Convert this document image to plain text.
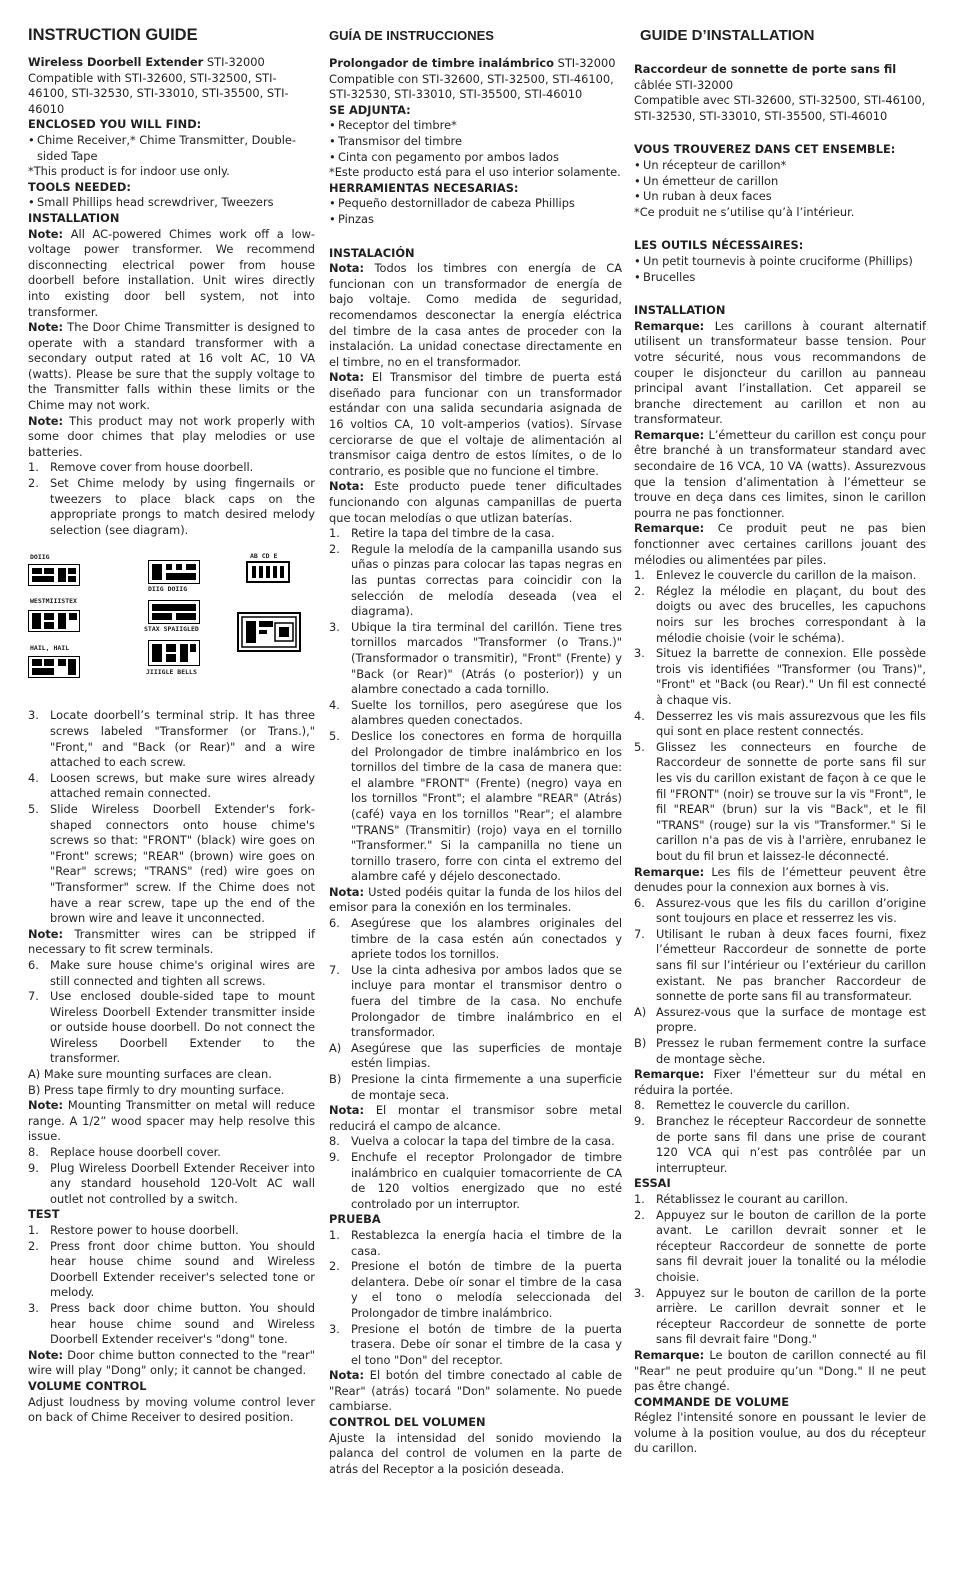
INSTRUCTION GUIDE

Wireless Doorbell Extender STI-32000

Compatible with STI-32600, STI-32500, STI-46100, STI-32530, STI-33010, STI-35500, STI-46010

ENCLOSED YOU WILL FIND:

• Chime Receiver,* Chime Transmitter, Double-sided Tape

*This product is for indoor use only.

TOOLS NEEDED:

• Small Phillips head screwdriver, Tweezers

INSTALLATION

Note: All AC-powered Chimes work off a low-voltage power transformer. We recommend disconnecting electrical power from house doorbell before installation. Unit wires directly into existing door bell system, not into transformer.

Note: The Door Chime Transmitter is designed to operate with a standard transformer with a secondary output rated at 16 volt AC, 10 VA (watts). Please be sure that the supply voltage to the Transmitter falls within these limits or the Chime may not work.

Note: This product may not work properly with some door chimes that play melodies or use batteries.

1. Remove cover from house doorbell.
2. Set Chime melody by using fingernails or tweezers to place black caps on the appropriate prongs to match desired melody selection (see diagram).
DOIIG
WESTMIIISTEX
HAIL, HAIL
DIIG DOIIG
STAX SPAIIGLED
JIIIGLE BELLS
AB CD E
3. Locate doorbell’s terminal strip. It has three screws labeled "Transformer (or Trans.)," "Front," and "Back (or Rear)" and a wire attached to each screw.
4. Loosen screws, but make sure wires already attached remain connected.
5. Slide Wireless Doorbell Extender's fork-shaped connectors onto house chime's screws so that: "FRONT" (black) wire goes on "Front" screws; "REAR" (brown) wire goes on "Rear" screws; "TRANS" (red) wire goes on "Transformer" screw. If the Chime does not have a rear screw, tape up the end of the brown wire and leave it unconnected.

Note: Transmitter wires can be stripped if necessary to fit screw terminals.

6. Make sure house chime's original wires are still connected and tighten all screws.
7. Use enclosed double-sided tape to mount Wireless Doorbell Extender transmitter inside or outside house doorbell. Do not connect the Wireless Doorbell Extender to the transformer.

A) Make sure mounting surfaces are clean.

B) Press tape firmly to dry mounting surface.

Note: Mounting Transmitter on metal will reduce range. A 1/2” wood spacer may help resolve this issue.

8. Replace house doorbell cover.
9. Plug Wireless Doorbell Extender Receiver into any standard household 120-Volt AC wall outlet not controlled by a switch.

TEST

1. Restore power to house doorbell.
2. Press front door chime button. You should hear house chime sound and Wireless Doorbell Extender receiver's selected tone or melody.
3. Press back door chime button. You should hear house chime sound and Wireless Doorbell Extender receiver's "dong" tone.

Note: Door chime button connected to the "rear" wire will play "Dong" only; it cannot be changed.

VOLUME CONTROL

Adjust loudness by moving volume control lever on back of Chime Receiver to desired position.

GUÍA DE INSTRUCCIONES

Prolongador de timbre inalámbrico STI-32000

Compatible con STI-32600, STI-32500, STI-46100, STI-32530, STI-33010, STI-35500, STI-46010

SE ADJUNTA:

• Receptor del timbre*
• Transmisor del timbre
• Cinta con pegamento por ambos lados

*Este producto está para el uso interior solamente.

HERRAMIENTAS NECESARIAS:

• Pequeño destornillador de cabeza Phillips
• Pinzas

INSTALACIÓN

Nota: Todos los timbres con energía de CA funcionan con un transformador de energía de bajo voltaje. Como medida de seguridad, recomendamos desconectar la energía eléctrica del timbre de la casa antes de proceder con la instalación. La unidad conectase directamente en el timbre, no en el transformador.

Nota: El Transmisor del timbre de puerta está diseñado para funcionar con un transformador estándar con una salida secundaria asignada de 16 voltios CA, 10 volt-amperios (vatios). Sírvase cerciorarse de que el voltaje de alimentación al transmisor caiga dentro de estos límites, o de lo contrario, es posible que no funcione el timbre.

Nota: Este producto puede tener dificultades funcionando con algunas campanillas de puerta que tocan melodías o que utlizan baterías.

1. Retire la tapa del timbre de la casa.
2. Regule la melodía de la campanilla usando sus uñas o pinzas para colocar las tapas negras en las puntas correctas para coincidir con la selección de melodía deseada (vea el diagrama).
3. Ubique la tira terminal del carillón. Tiene tres tornillos marcados "Transformer (o Trans.)" (Transformador o transmitir), "Front" (Frente) y "Back (or Rear)" (Atrás (o posterior)) y un alambre conectado a cada tornillo.
4. Suelte los tornillos, pero asegúrese que los alambres queden conectados.
5. Deslice los conectores en forma de horquilla del Prolongador de timbre inalámbrico en los tornillos del timbre de la casa de manera que: el alambre "FRONT" (Frente) (negro) vaya en los tornillos "Front"; el alambre "REAR" (Atrás) (café) vaya en los tornillos "Rear"; el alambre "TRANS" (Transmitir) (rojo) vaya en el tornillo "Transformer." Si la campanilla no tiene un tornillo trasero, forre con cinta el extremo del alambre café y déjelo desconectado.

Nota: Usted podéis quitar la funda de los hilos del emisor para la conexión en los terminales.

6. Asegúrese que los alambres originales del timbre de la casa estén aún conectados y apriete todos los tornillos.
7. Use la cinta adhesiva por ambos lados que se incluye para montar el transmisor dentro o fuera del timbre de la casa. No enchufe Prolongador de timbre inalámbrico en el transformador.
A) Asegúrese que las superficies de montaje estén limpias.
B) Presione la cinta firmemente a una superficie de montaje seca.

Nota: El montar el transmisor sobre metal reducirá el campo de alcance.

8. Vuelva a colocar la tapa del timbre de la casa.
9. Enchufe el receptor Prolongador de timbre inalámbrico en cualquier tomacorriente de CA de 120 voltios energizado que no esté controlado por un interruptor.

PRUEBA

1. Restablezca la energía hacia el timbre de la casa.
2. Presione el botón de timbre de la puerta delantera. Debe oír sonar el timbre de la casa y el tono o melodía seleccionada del Prolongador de timbre inalámbrico.
3. Presione el botón de timbre de la puerta trasera. Debe oír sonar el timbre de la casa y el tono "Don" del receptor.

Nota: El botón del timbre conectado al cable de "Rear" (atrás) tocará "Don" solamente. No puede cambiarse.

CONTROL DEL VOLUMEN

Ajuste la intensidad del sonido moviendo la palanca del control de volumen en la parte de atrás del Receptor a la posición deseada.

GUIDE D’INSTALLATION

Raccordeur de sonnette de porte sans fil câblée STI-32000

Compatible avec STI-32600, STI-32500, STI-46100, STI-32530, STI-33010, STI-35500, STI-46010

VOUS TROUVEREZ DANS CET ENSEMBLE:

• Un récepteur de carillon*
• Un émetteur de carillon
• Un ruban à deux faces

*Ce produit ne s’utilise qu’à l’intérieur.

LES OUTILS NÉCESSAIRES:

• Un petit tournevis à pointe cruciforme (Phillips)
• Brucelles

INSTALLATION

Remarque: Les carillons à courant alternatif utilisent un transformateur basse tension. Pour votre sécurité, nous vous recommandons de couper le disjoncteur du carillon au panneau principal avant l’installation. Cet appareil se branche directement au carillon et non au transformateur.

Remarque: L’émetteur du carillon est conçu pour être branché à un transformateur standard avec secondaire de 16 VCA, 10 VA (watts). Assurezvous que la tension d’alimentation à l’émetteur se trouve en deça dans ces limites, sinon le carillon pourra ne pas fonctionner.

Remarque: Ce produit peut ne pas bien fonctionner avec certaines carillons jouant des mélodies ou alimentées par piles.

1. Enlevez le couvercle du carillon de la maison.
2. Réglez la mélodie en plaçant, du bout des doigts ou avec des brucelles, les capuchons noirs sur les broches correspondant à la mélodie choisie (voir le schéma).
3. Situez la barrette de connexion. Elle possède trois vis identifiées "Transformer (ou Trans)", "Front" et "Back (ou Rear)." Un fil est connecté à chaque vis.
4. Desserrez les vis mais assurezvous que les fils qui sont en place restent connectés.
5. Glissez les connecteurs en fourche de Raccordeur de sonnette de porte sans fil sur les vis du carillon existant de façon à ce que le fil "FRONT" (noir) se trouve sur la vis "Front", le fil "REAR" (brun) sur la vis "Back", et le fil "TRANS" (rouge) sur la vis "Transformer." Si le carillon n'a pas de vis à l'arrière, enrubanez le bout du fil brun et laissez-le déconnecté.

Remarque: Les fils de l’émetteur peuvent être denudes pour la connexion aux bornes à vis.

6. Assurez-vous que les fils du carillon d’origine sont toujours en place et resserrez les vis.
7. Utilisant le ruban à deux faces fourni, fixez l’émetteur Raccordeur de sonnette de porte sans fil sur l’intérieur ou l’extérieur du carillon existant. Ne pas brancher Raccordeur de sonnette de porte sans fil au transformateur.
A) Assurez-vous que la surface de montage est propre.
B) Pressez le ruban fermement contre la surface de montage sèche.

Remarque: Fixer l'émetteur sur du métal en réduira la portée.

8. Remettez le couvercle du carillon.
9. Branchez le récepteur Raccordeur de sonnette de porte sans fil dans une prise de courant 120 VCA qui n’est pas contrôlée par un interrupteur.

ESSAI

1. Rétablissez le courant au carillon.
2. Appuyez sur le bouton de carillon de la porte avant. Le carillon devrait sonner et le récepteur Raccordeur de sonnette de porte sans fil devrait jouer la tonalité ou la mélodie choisie.
3. Appuyez sur le bouton de carillon de la porte arrière. Le carillon devrait sonner et le récepteur Raccordeur de sonnette de porte sans fil devrait faire "Dong."

Remarque: Le bouton de carillon connecté au fil "Rear" ne peut produire qu’un "Dong." Il ne peut pas être changé.

COMMANDE DE VOLUME

Réglez l'intensité sonore en poussant le levier de volume à la position voulue, au dos du récepteur du carillon.
